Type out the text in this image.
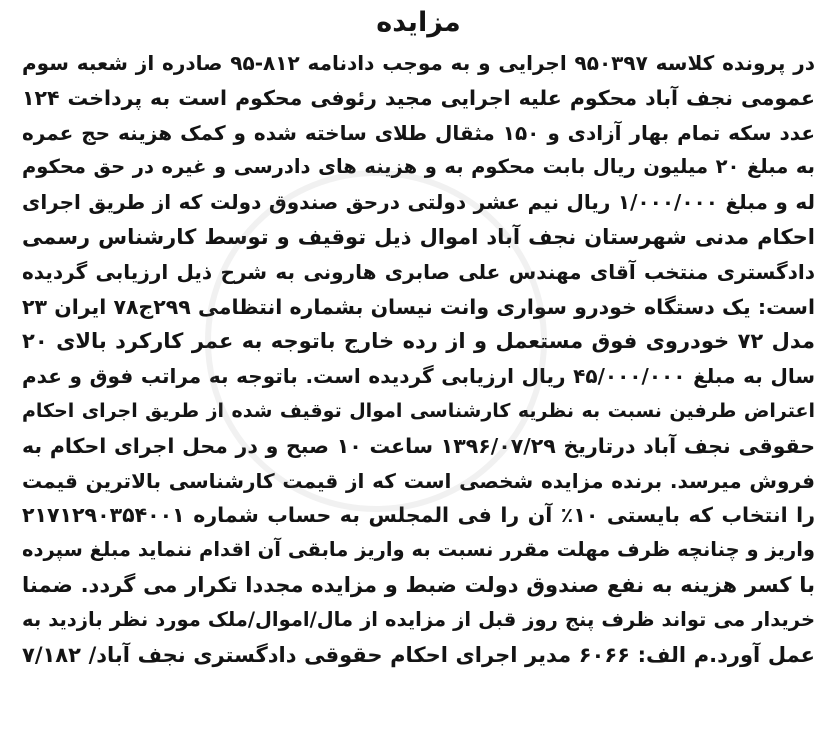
مزایده
در پرونده کلاسه ۹۵۰۳۹۷ اجرایی و به موجب دادنامه ۸۱۲-۹۵ صادره از شعبه سوم
عمومی نجف آباد محکوم علیه اجرایی مجید رئوفی محکوم است به پرداخت ۱۲۴
عدد سکه تمام بهار آزادی و ۱۵۰ مثقال طلای ساخته شده و کمک هزینه حج عمره
به مبلغ ۲۰ میلیون ریال بابت محکوم به و هزینه های دادرسی و غیره در حق محکوم
له و مبلغ ۱/۰۰۰/۰۰۰ ریال نیم عشر دولتی درحق صندوق دولت که از طریق اجرای
احکام مدنی شهرستان نجف آباد اموال ذیل توقیف و توسط کارشناس رسمی
دادگستری منتخب آقای مهندس علی صابری هارونی به شرح ذیل ارزیابی گردیده
است: یک دستگاه خودرو سواری وانت نیسان بشماره انتظامی ۲۹۹ج۷۸ ایران ۲۳
مدل ۷۲ خودروی فوق مستعمل و از رده خارج باتوجه به عمر کارکرد بالای ۲۰
سال به مبلغ ۴۵/۰۰۰/۰۰۰ ریال ارزیابی گردیده است. باتوجه به مراتب فوق و عدم
اعتراض طرفین نسبت به نظریه کارشناسی اموال توقیف شده از طریق اجرای احکام
حقوقی نجف آباد درتاریخ ۱۳۹۶/۰۷/۲۹ ساعت ۱۰ صبح و در محل اجرای احکام به
فروش میرسد. برنده مزایده شخصی است که از قیمت کارشناسی بالاترین قیمت
را انتخاب که بایستی ۱۰٪ آن را فی المجلس به حساب شماره ۲۱۷۱۲۹۰۳۵۴۰۰۱
واریز و چنانچه ظرف مهلت مقرر نسبت به واریز مابقی آن اقدام ننماید مبلغ سپرده
با کسر هزینه به نفع صندوق دولت ضبط و مزایده مجددا تکرار می گردد. ضمنا
خریدار می تواند ظرف پنج روز قبل از مزایده از مال/اموال/ملک مورد نظر بازدید به
عمل آورد.م الف: ۶۰۶۶ مدیر اجرای احکام حقوقی دادگستری نجف آباد/ ۷/۱۸۲
